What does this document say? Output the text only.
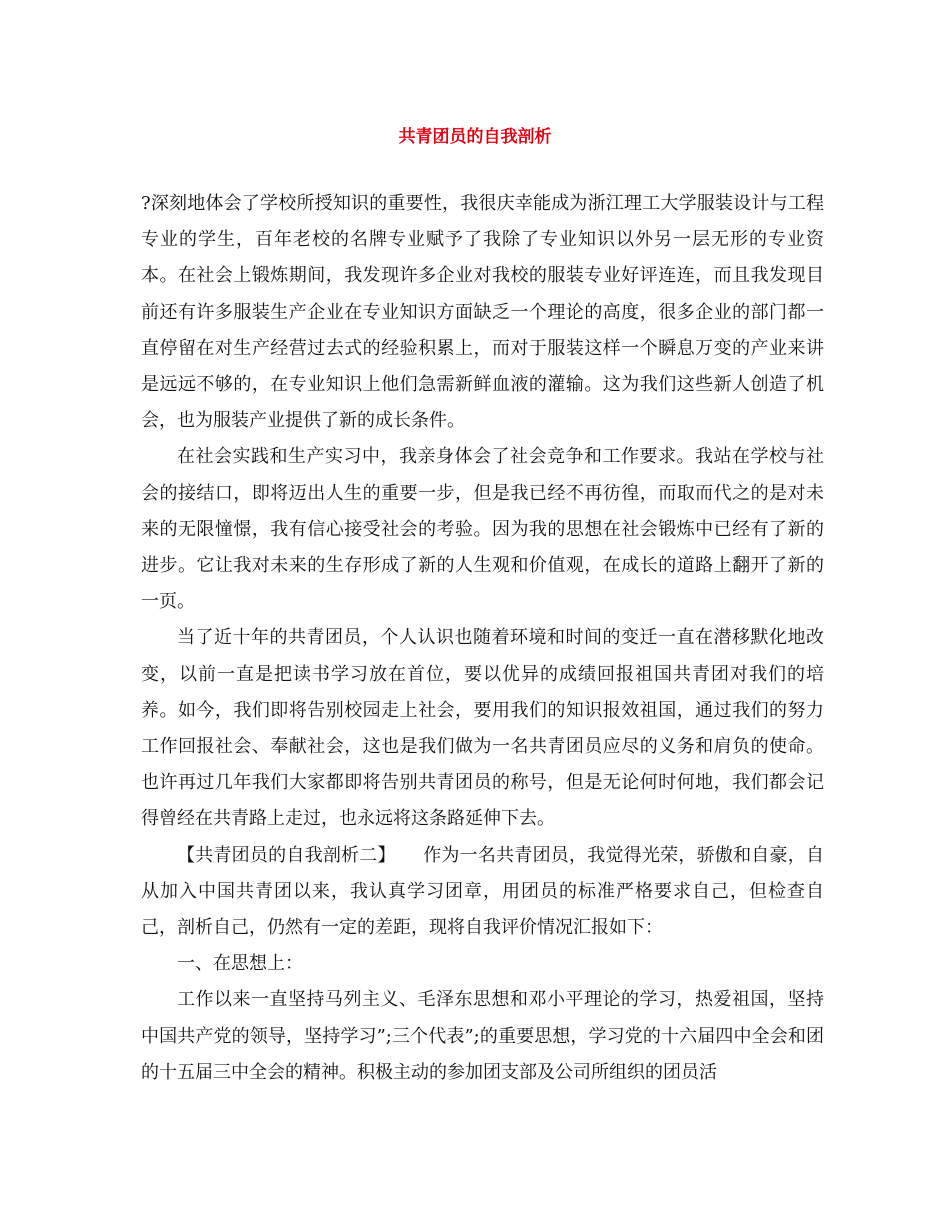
共青团员的自我剖析

?深刻地体会了学校所授知识的重要性，我很庆幸能成为浙江理工大学服装设计与工程专业的学生，百年老校的名牌专业赋予了我除了专业知识以外另一层无形的专业资本。在社会上锻炼期间，我发现许多企业对我校的服装专业好评连连，而且我发现目前还有许多服装生产企业在专业知识方面缺乏一个理论的高度，很多企业的部门都一直停留在对生产经营过去式的经验积累上，而对于服装这样一个瞬息万变的产业来讲是远远不够的，在专业知识上他们急需新鲜血液的灌输。这为我们这些新人创造了机会，也为服装产业提供了新的成长条件。

在社会实践和生产实习中，我亲身体会了社会竞争和工作要求。我站在学校与社会的接结口，即将迈出人生的重要一步，但是我已经不再彷徨，而取而代之的是对未来的无限憧憬，我有信心接受社会的考验。因为我的思想在社会锻炼中已经有了新的进步。它让我对未来的生存形成了新的人生观和价值观，在成长的道路上翻开了新的一页。

当了近十年的共青团员，个人认识也随着环境和时间的变迁一直在潜移默化地改变，以前一直是把读书学习放在首位，要以优异的成绩回报祖国共青团对我们的培养。如今，我们即将告别校园走上社会，要用我们的知识报效祖国，通过我们的努力工作回报社会、奉献社会，这也是我们做为一名共青团员应尽的义务和肩负的使命。也许再过几年我们大家都即将告别共青团员的称号，但是无论何时何地，我们都会记得曾经在共青路上走过，也永远将这条路延伸下去。

【共青团员的自我剖析二】　　作为一名共青团员，我觉得光荣，骄傲和自豪，自从加入中国共青团以来，我认真学习团章，用团员的标准严格要求自己，但检查自己，剖析自己，仍然有一定的差距，现将自我评价情况汇报如下：

一、在思想上：

工作以来一直坚持马列主义、毛泽东思想和邓小平理论的学习，热爱祖国，坚持中国共产党的领导，坚持学习”;三个代表”;的重要思想，学习党的十六届四中全会和团的十五届三中全会的精神。积极主动的参加团支部及公司所组织的团员活
